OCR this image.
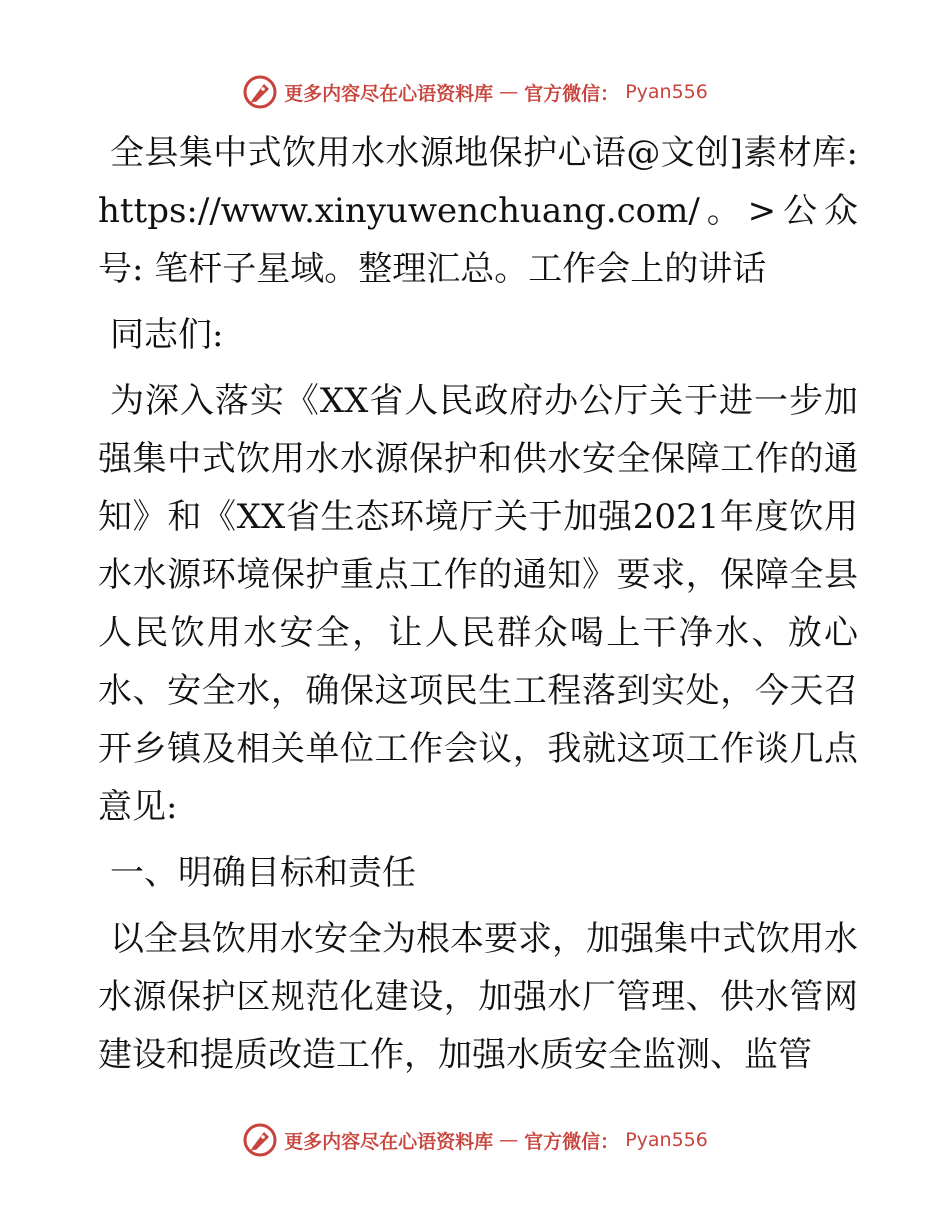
更多内容尽在心语资料库 — 官方微信： Pyan556

全县集中式饮用水水源地保护心语@文创]素材库: https://www.xinyuwenchuang.com/。>公众号: 笔杆子星域。整理汇总。工作会上的讲话

同志们:

为深入落实《XX省人民政府办公厅关于进一步加强集中式饮用水水源保护和供水安全保障工作的通知》和《XX省生态环境厅关于加强2021年度饮用水水源环境保护重点工作的通知》要求，保障全县人民饮用水安全，让人民群众喝上干净水、放心水、安全水，确保这项民生工程落到实处，今天召开乡镇及相关单位工作会议，我就这项工作谈几点意见:

一、明确目标和责任

以全县饮用水安全为根本要求，加强集中式饮用水水源保护区规范化建设，加强水厂管理、供水管网建设和提质改造工作，加强水质安全监测、监管

更多内容尽在心语资料库 — 官方微信： Pyan556
